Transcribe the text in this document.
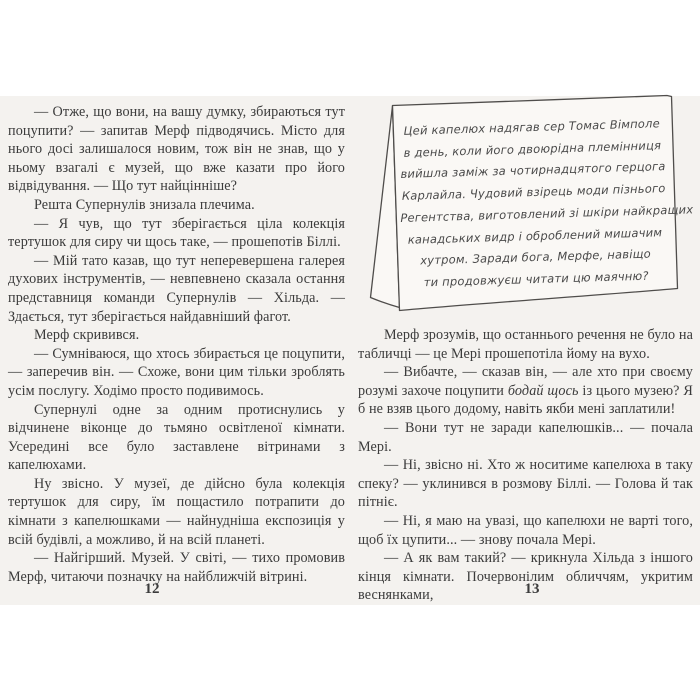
— Отже, що вони, на вашу думку, збираються тут поцупити? — запитав Мерф підводячись. Місто для нього досі залишалося новим, тож він не знав, що у ньому взагалі є музей, що вже казати про його відвідування. — Що тут найцінніше?

Решта Супернулів знизала плечима.

— Я чув, що тут зберігається ціла колекція тертушок для сиру чи щось таке, — прошепотів Біллі.

— Мій тато казав, що тут неперевершена галерея духових інструментів, — невпевнено сказала остання представниця команди Супернулів — Хільда. — Здається, тут зберігається найдавніший фагот.

Мерф скривився.

— Сумніваюся, що хтось збирається це поцупити, — заперечив він. — Схоже, вони цим тільки зроблять усім послугу. Ходімо просто подивимось.

Супернулі одне за одним протиснулись у відчинене віконце до тьмяно освітленої кімнати. Усередині все було заставлене вітринами з капелюхами.

Ну звісно. У музеї, де дійсно була колекція тертушок для сиру, їм пощастило потрапити до кімнати з капелюшками — найнудніша експозиція у всій будівлі, а можливо, й на всій планеті.

— Найгірший. Музей. У світі, — тихо промовив Мерф, читаючи позначку на найближчій вітрині.

Цей капелюх надягав сер Томас Вімполе
в день, коли його двоюрідна племінниця
вийшла заміж за чотирнадцятого герцога
Карлайла. Чудовий взірець моди пізнього
Регентства, виготовлений зі шкіри найкращих
канадських видр і оброблений мишачим
хутром. Заради бога, Мерфе, навіщо
ти продовжуєш читати цю маячню?

Мерф зрозумів, що останнього речення не було на табличці — це Мері прошепотіла йому на вухо.

— Вибачте, — сказав він, — але хто при своєму розумі захоче поцупити бодай щось із цього музею? Я б не взяв цього додому, навіть якби мені заплатили!

— Вони тут не заради капелюшків... — почала Мері.

— Ні, звісно ні. Хто ж носитиме капелюха в таку спеку? — уклинився в розмову Біллі. — Голова й так пітніє.

— Ні, я маю на увазі, що капелюхи не варті того, щоб їх цупити... — знову почала Мері.

— А як вам такий? — крикнула Хільда з іншого кінця кімнати. Почервонілим обличчям, укритим веснянками,

12	13
